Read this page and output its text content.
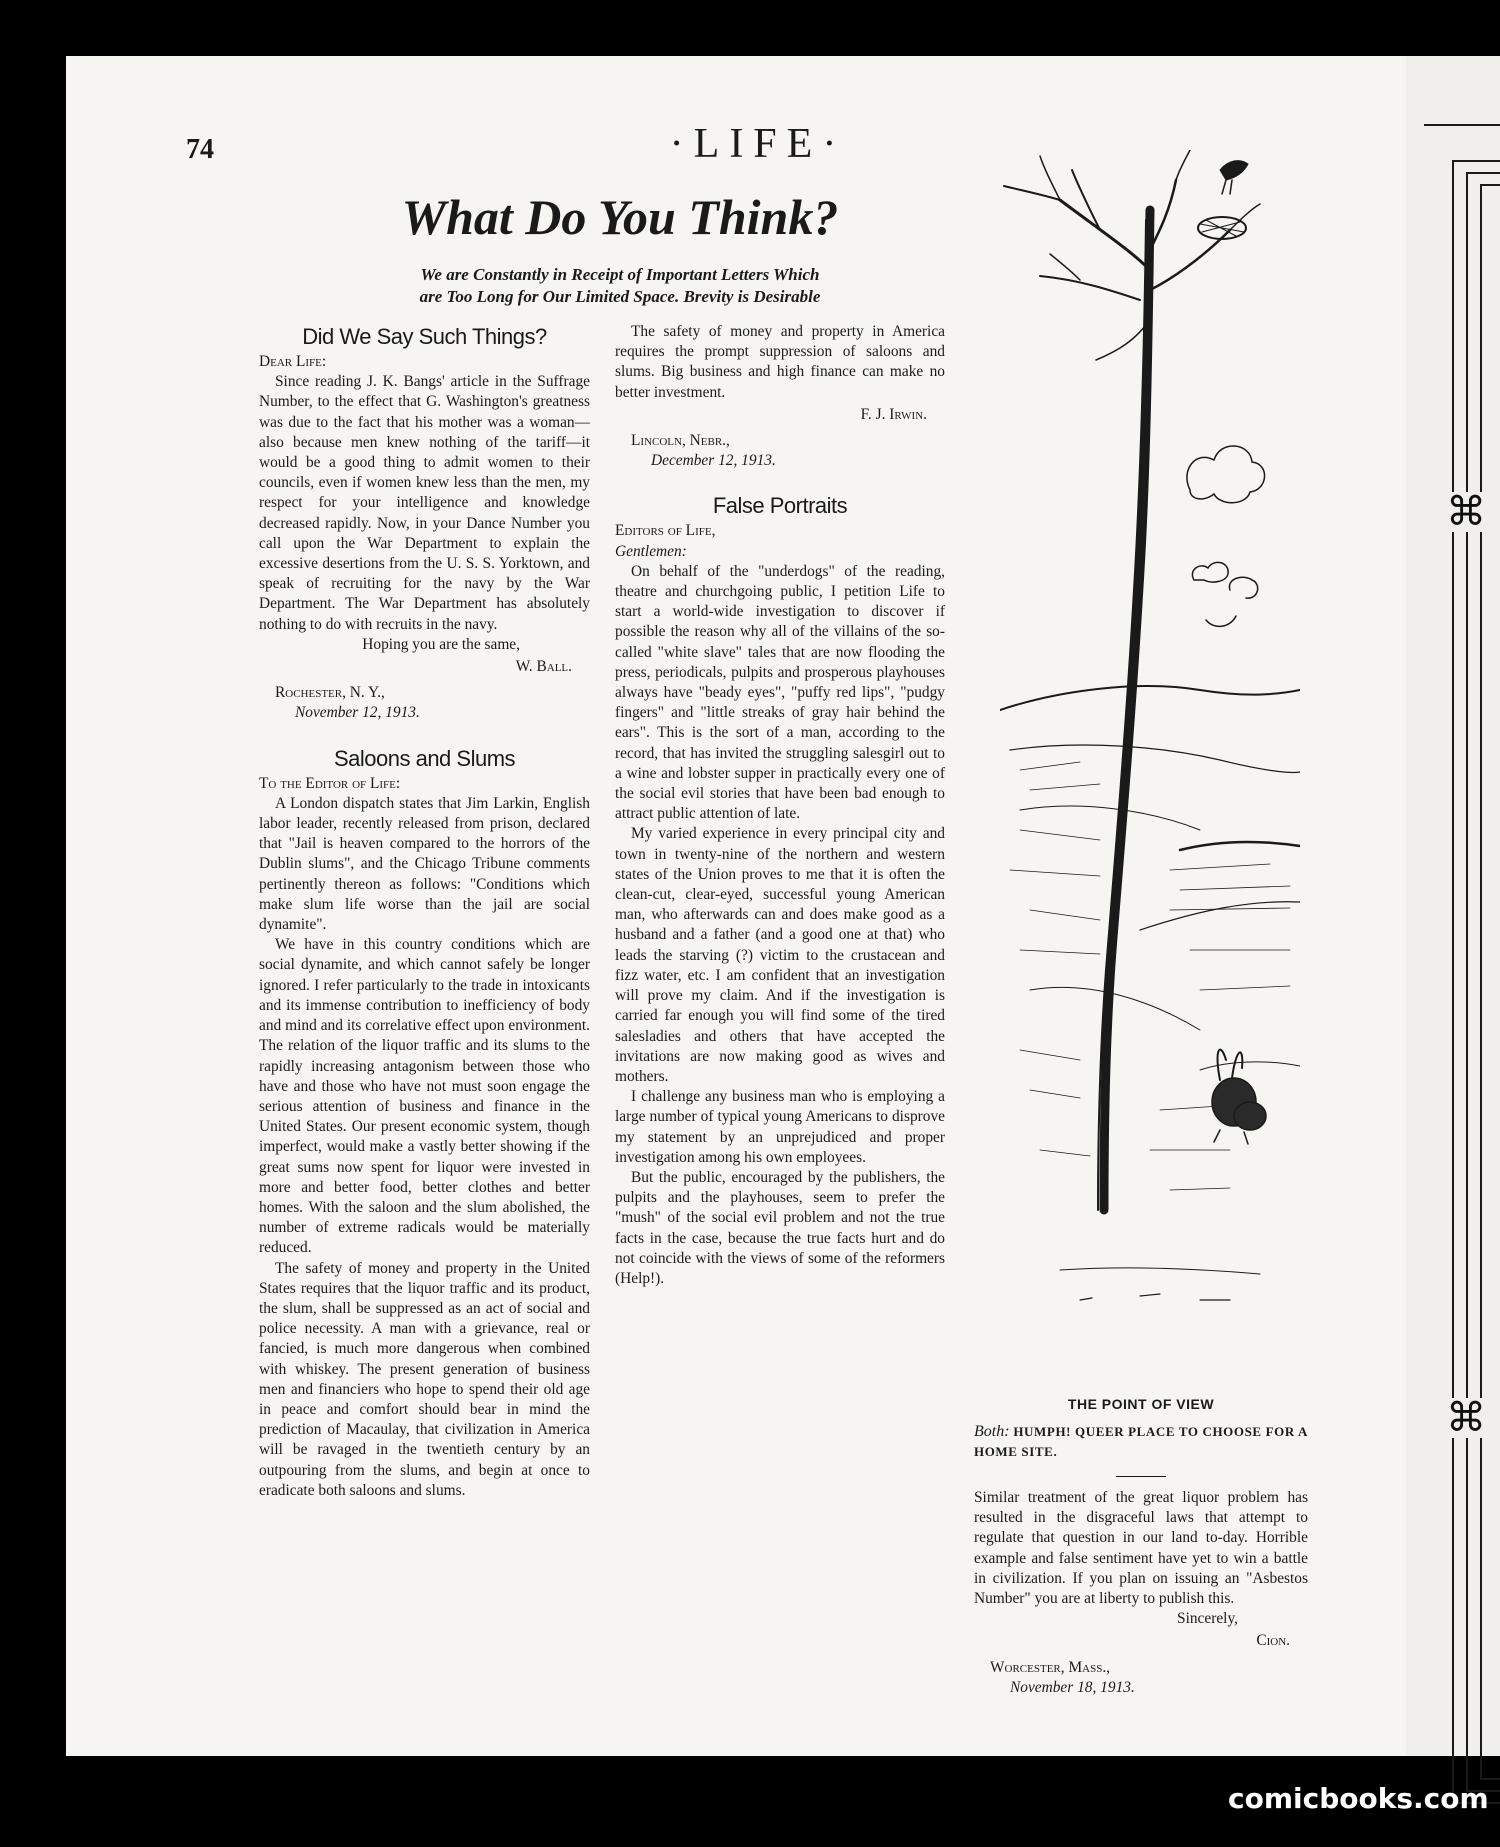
⌘
⌘
74	·LIFE·
What Do You Think?
We are Constantly in Receipt of Important Letters Which
are Too Long for Our Limited Space. Brevity is Desirable
Did We Say Such Things?

Dear Life:

Since reading J. K. Bangs' article in the Suffrage Number, to the effect that G. Washington's greatness was due to the fact that his mother was a woman—also because men knew nothing of the tariff—it would be a good thing to admit women to their councils, even if women knew less than the men, my respect for your intelligence and knowledge decreased rapidly. Now, in your Dance Number you call upon the War Department to explain the excessive desertions from the U. S. S. Yorktown, and speak of recruiting for the navy by the War Department. The War Department has absolutely nothing to do with recruits in the navy.

Hoping you are the same,

W. Ball.

Rochester, N. Y.,

November 12, 1913.

Saloons and Slums

To the Editor of Life:

A London dispatch states that Jim Larkin, English labor leader, recently released from prison, declared that "Jail is heaven compared to the horrors of the Dublin slums", and the Chicago Tribune comments pertinently thereon as follows: "Conditions which make slum life worse than the jail are social dynamite".

We have in this country conditions which are social dynamite, and which cannot safely be longer ignored. I refer particularly to the trade in intoxicants and its immense contribution to inefficiency of body and mind and its correlative effect upon environment. The relation of the liquor traffic and its slums to the rapidly increasing antagonism between those who have and those who have not must soon engage the serious attention of business and finance in the United States. Our present economic system, though imperfect, would make a vastly better showing if the great sums now spent for liquor were invested in more and better food, better clothes and better homes. With the saloon and the slum abolished, the number of extreme radicals would be materially reduced.

The safety of money and property in the United States requires that the liquor traffic and its product, the slum, shall be suppressed as an act of social and police necessity. A man with a grievance, real or fancied, is much more dangerous when combined with whiskey. The present generation of business men and financiers who hope to spend their old age in peace and comfort should bear in mind the prediction of Macaulay, that civilization in America will be ravaged in the twentieth century by an outpouring from the slums, and begin at once to eradicate both saloons and slums.

The safety of money and property in America requires the prompt suppression of saloons and slums. Big business and high finance can make no better investment.

F. J. Irwin.

Lincoln, Nebr.,

December 12, 1913.

False Portraits

Editors of Life,

Gentlemen:

On behalf of the "underdogs" of the reading, theatre and churchgoing public, I petition Life to start a world-wide investigation to discover if possible the reason why all of the villains of the so-called "white slave" tales that are now flooding the press, periodicals, pulpits and prosperous playhouses always have "beady eyes", "puffy red lips", "pudgy fingers" and "little streaks of gray hair behind the ears". This is the sort of a man, according to the record, that has invited the struggling salesgirl out to a wine and lobster supper in practically every one of the social evil stories that have been bad enough to attract public attention of late.

My varied experience in every principal city and town in twenty-nine of the northern and western states of the Union proves to me that it is often the clean-cut, clear-eyed, successful young American man, who afterwards can and does make good as a husband and a father (and a good one at that) who leads the starving (?) victim to the crustacean and fizz water, etc. I am confident that an investigation will prove my claim. And if the investigation is carried far enough you will find some of the tired salesladies and others that have accepted the invitations are now making good as wives and mothers.

I challenge any business man who is employing a large number of typical young Americans to disprove my statement by an unprejudiced and proper investigation among his own employees.

But the public, encouraged by the publishers, the pulpits and the playhouses, seem to prefer the "mush" of the social evil problem and not the true facts in the case, because the true facts hurt and do not coincide with the views of some of the reformers (Help!).

THE POINT OF VIEW
Both: HUMPH! QUEER PLACE TO CHOOSE FOR A HOME SITE.

Similar treatment of the great liquor problem has resulted in the disgraceful laws that attempt to regulate that question in our land to-day. Horrible example and false sentiment have yet to win a battle in civilization. If you plan on issuing an "Asbestos Number" you are at liberty to publish this.

Sincerely,

Cion.

Worcester, Mass.,

November 18, 1913.

comicbooks.com
